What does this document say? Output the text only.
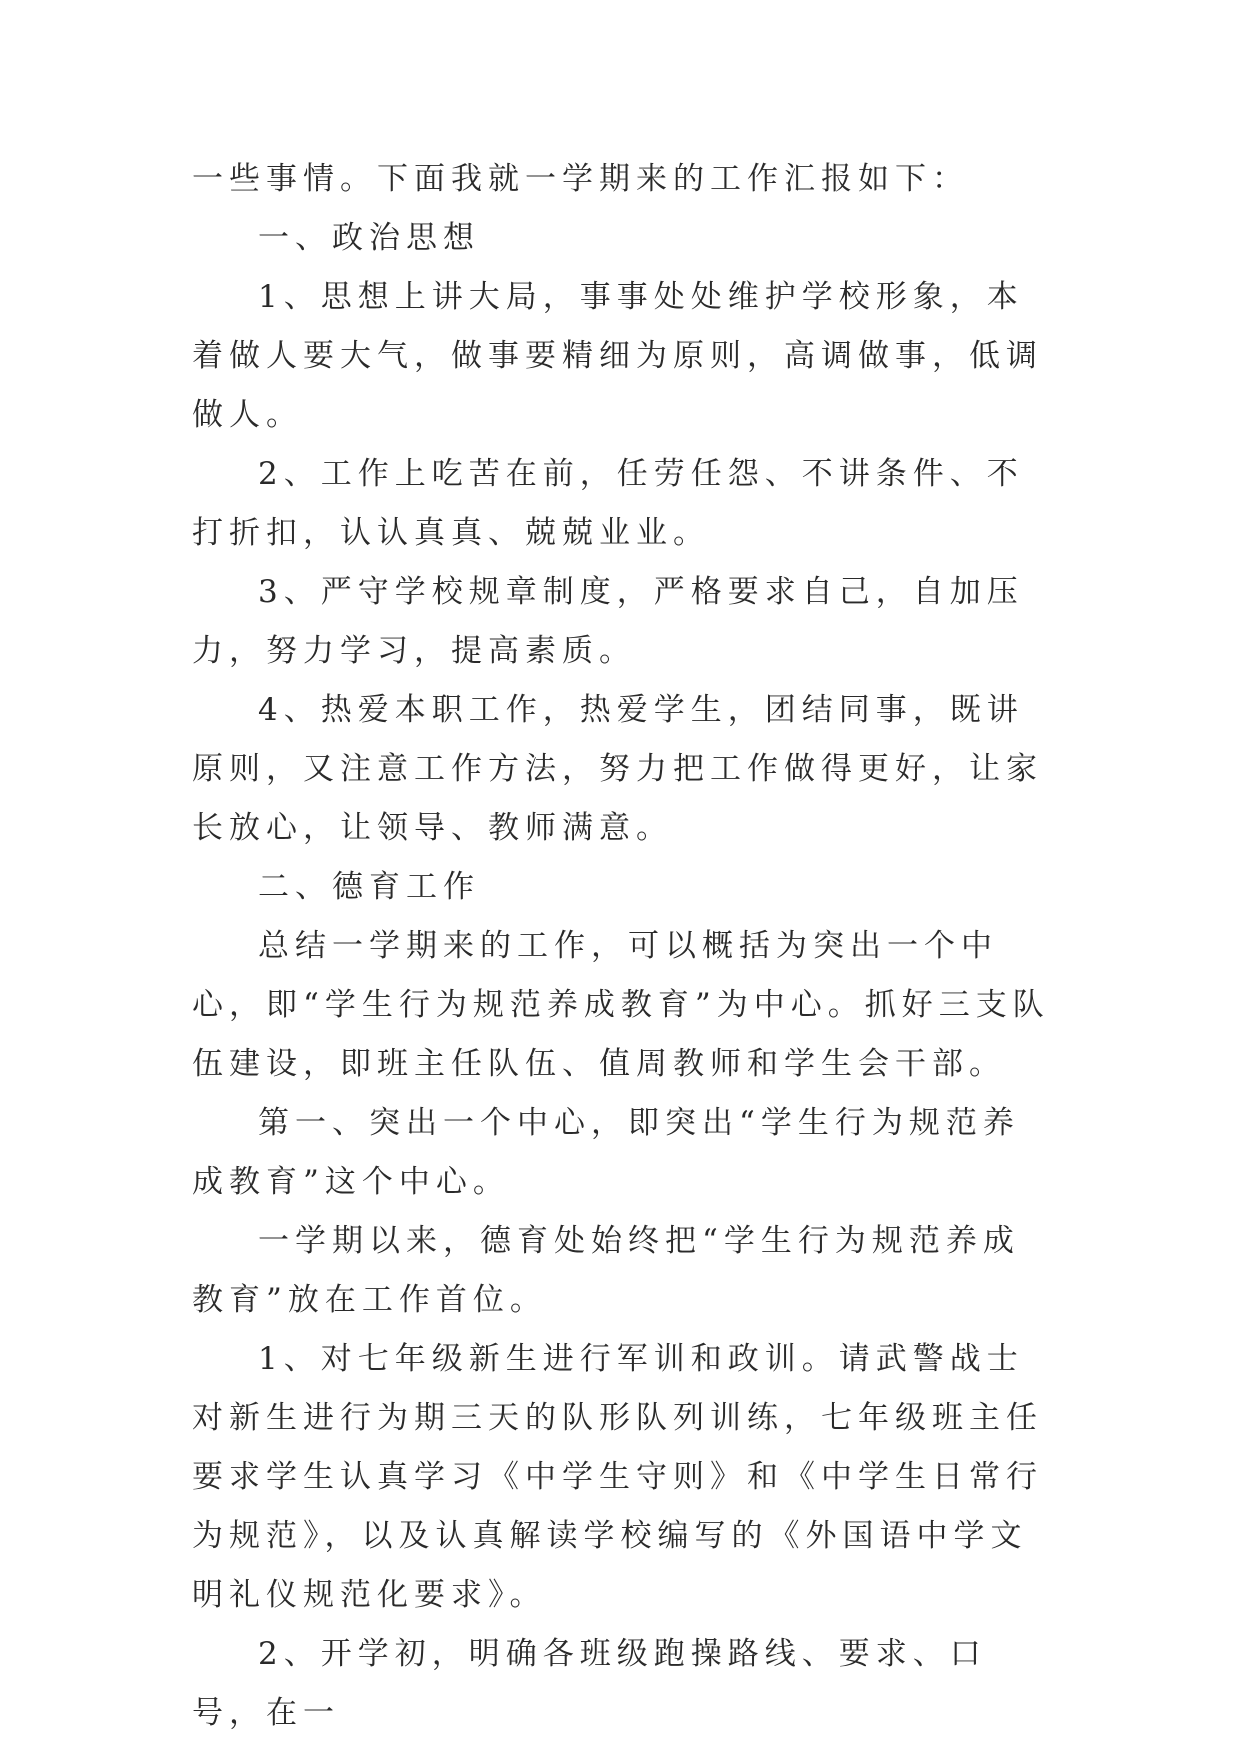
一些事情。下面我就一学期来的工作汇报如下：

一、政治思想

1、思想上讲大局，事事处处维护学校形象，本着做人要大气，做事要精细为原则，高调做事，低调做人。

2、工作上吃苦在前，任劳任怨、不讲条件、不打折扣，认认真真、兢兢业业。

3、严守学校规章制度，严格要求自己，自加压力，努力学习，提高素质。

4、热爱本职工作，热爱学生，团结同事，既讲原则，又注意工作方法，努力把工作做得更好，让家长放心，让领导、教师满意。

二、德育工作

总结一学期来的工作，可以概括为突出一个中心，即“学生行为规范养成教育”为中心。抓好三支队伍建设，即班主任队伍、值周教师和学生会干部。

第一、突出一个中心，即突出“学生行为规范养成教育”这个中心。

一学期以来，德育处始终把“学生行为规范养成教育”放在工作首位。

1、对七年级新生进行军训和政训。请武警战士对新生进行为期三天的队形队列训练，七年级班主任要求学生认真学习《中学生守则》和《中学生日常行为规范》，以及认真解读学校编写的《外国语中学文明礼仪规范化要求》。

2、开学初，明确各班级跑操路线、要求、口号，在一
